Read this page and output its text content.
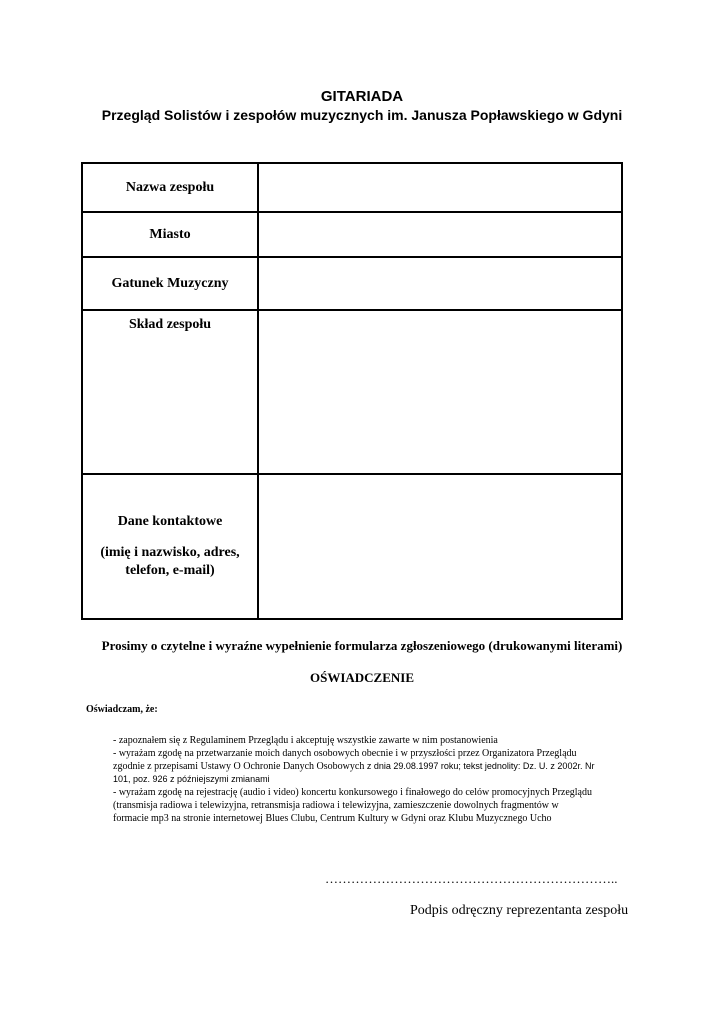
GITARIADA
Przegląd Solistów i zespołów muzycznych im. Janusza Popławskiego w Gdyni
Nazwa zespołu	
Miasto	
Gatunek Muzyczny	
Skład zespołu	

Dane kontaktowe
(imię i nazwisko, adres,
telefon, e-mail)	

Prosimy o czytelne i wyraźne wypełnienie formularza zgłoszeniowego (drukowanymi literami)
OŚWIADCZENIE
Oświadczam, że:
- zapoznałem się z Regulaminem Przeglądu i akceptuję wszystkie zawarte w nim postanowienia
- wyrażam zgodę na przetwarzanie moich danych osobowych obecnie i w przyszłości przez Organizatora Przeglądu
zgodnie z przepisami Ustawy O Ochronie Danych Osobowych z dnia 29.08.1997 roku; tekst jednolity: Dz. U. z 2002r. Nr
101, poz. 926 z późniejszymi zmianami
- wyrażam zgodę na rejestrację (audio i video) koncertu konkursowego i finałowego do celów promocyjnych Przeglądu
(transmisja radiowa i telewizyjna, retransmisja radiowa i telewizyjna, zamieszczenie dowolnych fragmentów w
formacie mp3 na stronie internetowej Blues Clubu, Centrum Kultury w Gdyni oraz Klubu Muzycznego Ucho
…………………………………………………………..
Podpis odręczny reprezentanta zespołu
